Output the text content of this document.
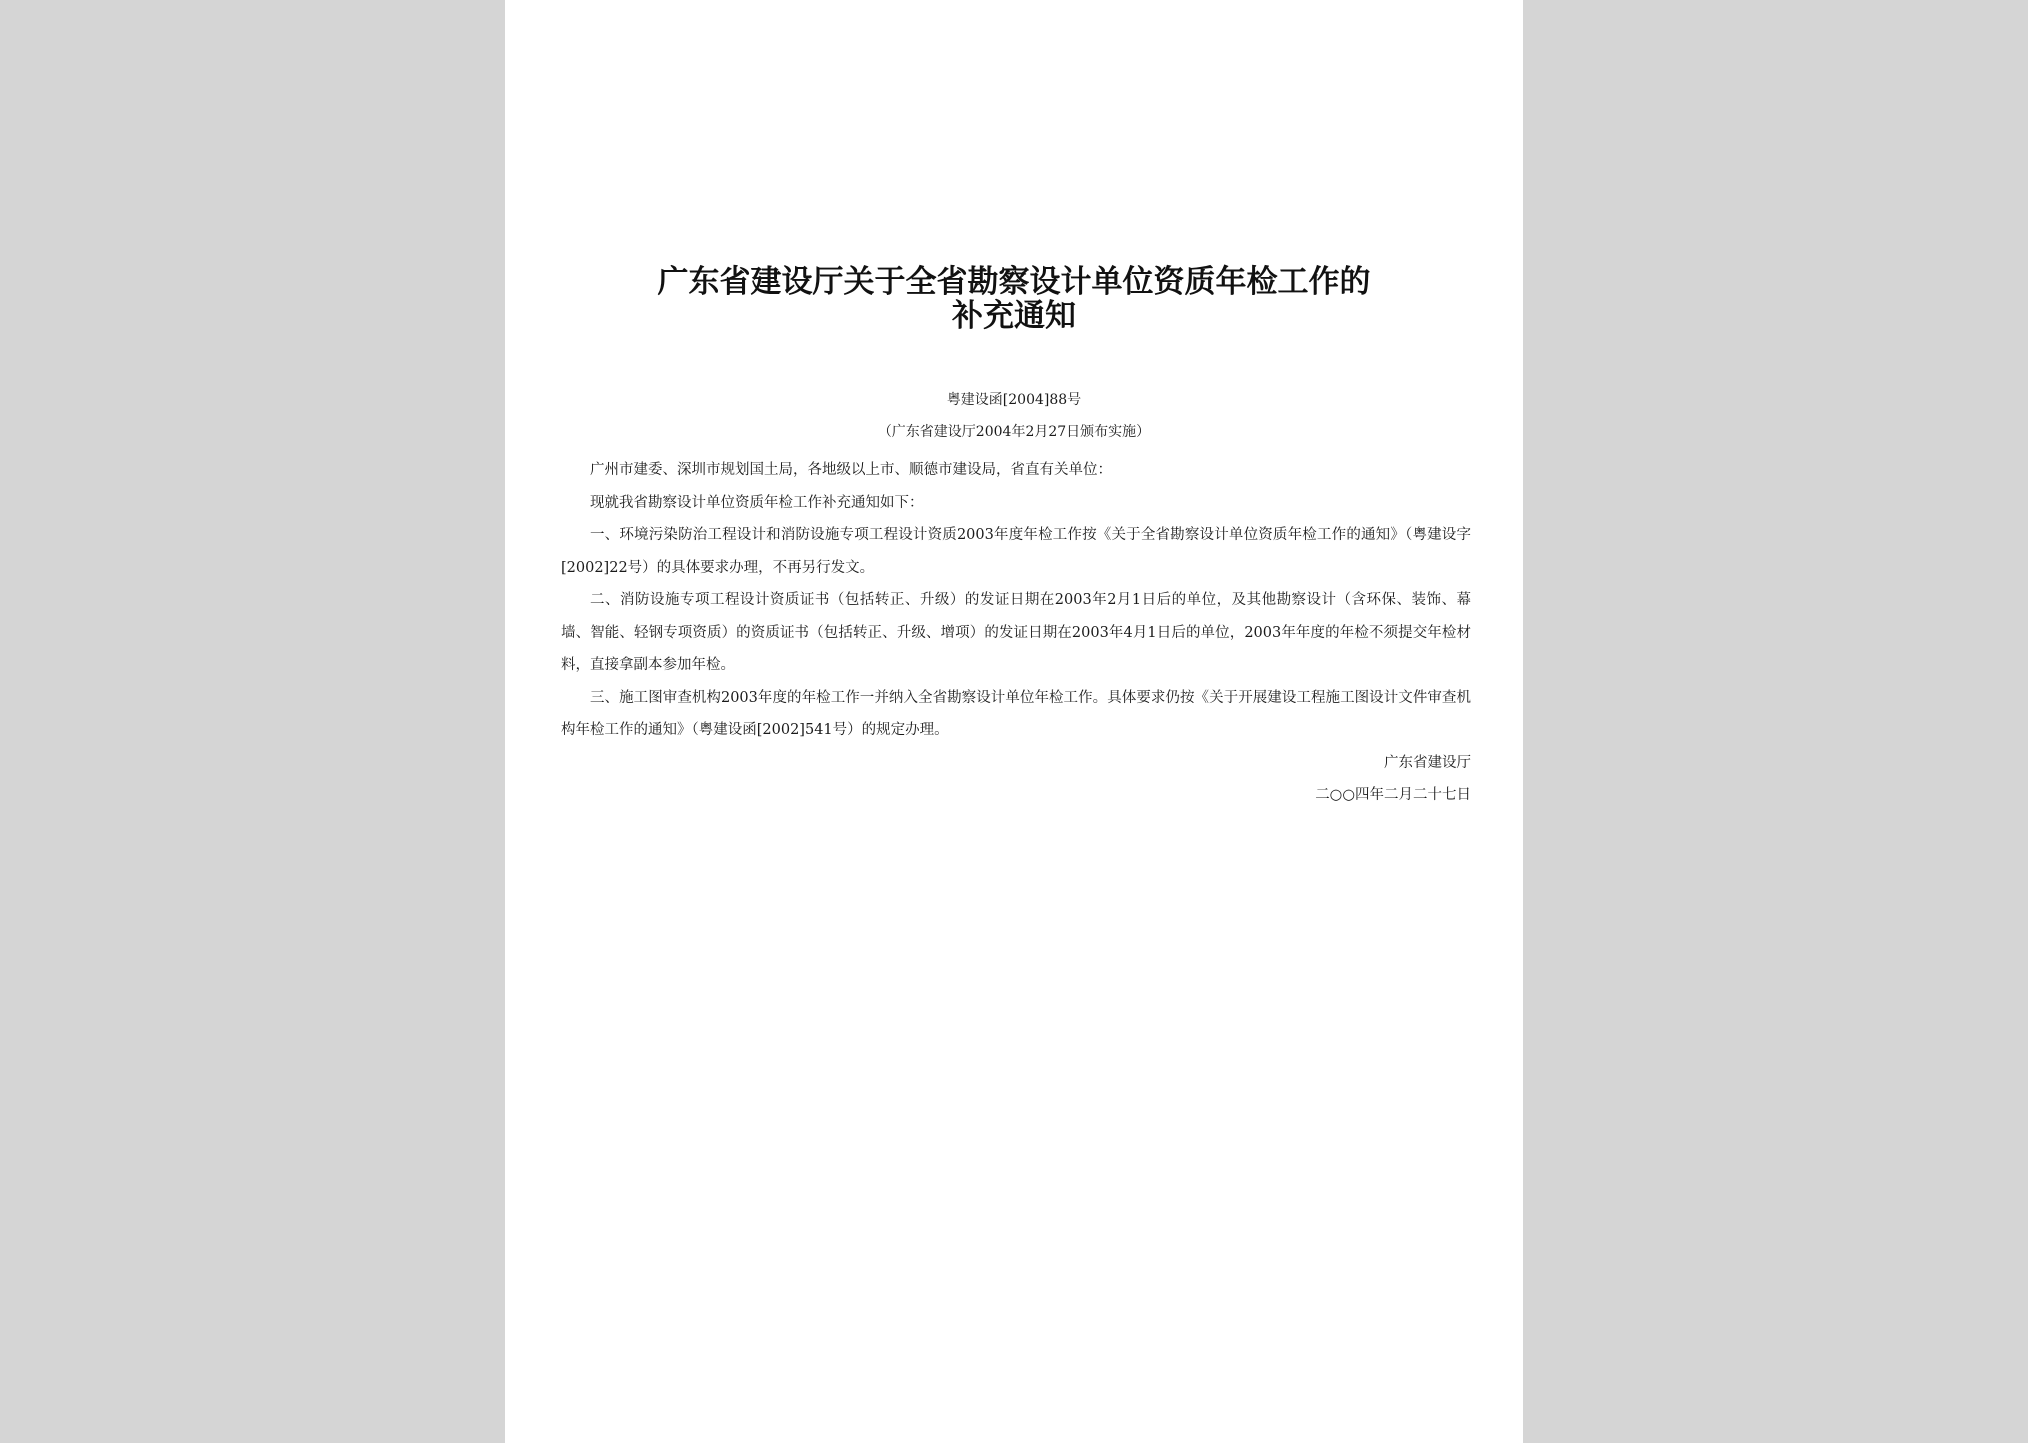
广东省建设厅关于全省勘察设计单位资质年检工作的
补充通知
粤建设函[2004]88号
（广东省建设厅2004年2月27日颁布实施）

广州市建委、深圳市规划国土局，各地级以上市、顺德市建设局，省直有关单位：

现就我省勘察设计单位资质年检工作补充通知如下：

一、环境污染防治工程设计和消防设施专项工程设计资质2003年度年检工作按《关于全省勘察设计单位资质年检工作的通知》（粤建设字[2002]22号）的具体要求办理，不再另行发文。

二、消防设施专项工程设计资质证书（包括转正、升级）的发证日期在2003年2月1日后的单位，及其他勘察设计（含环保、装饰、幕墙、智能、轻钢专项资质）的资质证书（包括转正、升级、增项）的发证日期在2003年4月1日后的单位，2003年年度的年检不须提交年检材料，直接拿副本参加年检。

三、施工图审查机构2003年度的年检工作一并纳入全省勘察设计单位年检工作。具体要求仍按《关于开展建设工程施工图设计文件审查机构年检工作的通知》（粤建设函[2002]541号）的规定办理。

广东省建设厅

二○○四年二月二十七日
